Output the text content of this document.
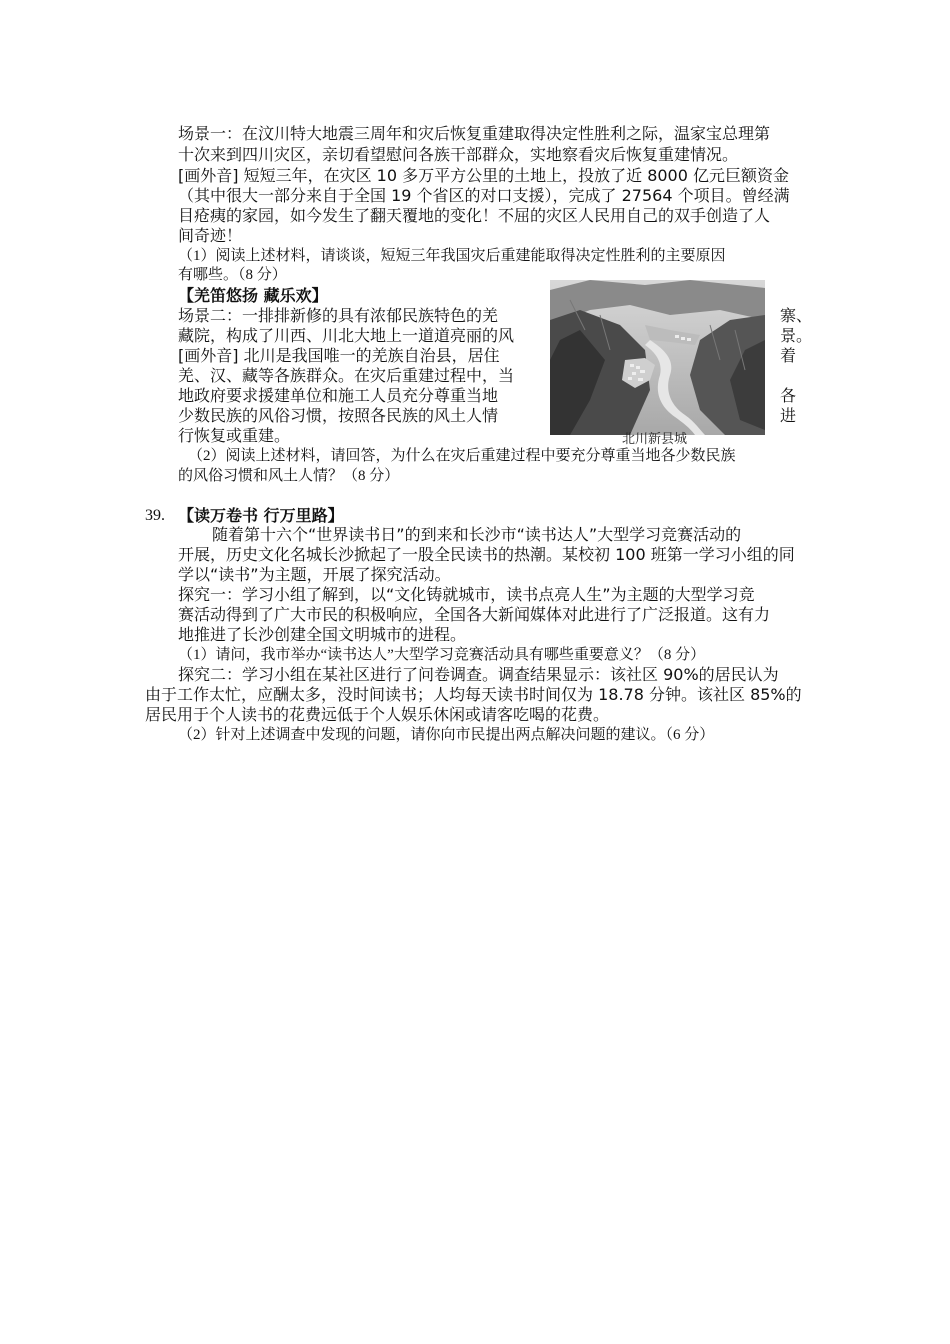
场景一：在汶川特大地震三周年和灾后恢复重建取得决定性胜利之际，温家宝总理第
十次来到四川灾区，亲切看望慰问各族干部群众，实地察看灾后恢复重建情况。
[画外音] 短短三年，在灾区 10 多万平方公里的土地上，投放了近 8000 亿元巨额资金
（其中很大一部分来自于全国 19 个省区的对口支援），完成了 27564 个项目。曾经满
目疮痍的家园，如今发生了翻天覆地的变化！不屈的灾区人民用自己的双手创造了人
间奇迹！
（1）阅读上述材料，请谈谈，短短三年我国灾后重建能取得决定性胜利的主要原因
有哪些。（8 分）
【羌笛悠扬 藏乐欢】
场景二：一排排新修的具有浓郁民族特色的羌
藏院，构成了川西、川北大地上一道道亮丽的风
[画外音] 北川是我国唯一的羌族自治县，居住
羌、汉、藏等各族群众。在灾后重建过程中，当
地政府要求援建单位和施工人员充分尊重当地
少数民族的风俗习惯，按照各民族的风土人情
行恢复或重建。
寨、
景。
着
各
进
北川新县城
（2）阅读上述材料，请回答，为什么在灾后重建过程中要充分尊重当地各少数民族
的风俗习惯和风土人情？（8 分）
39. 【读万卷书 行万里路】
随着第十六个“世界读书日”的到来和长沙市“读书达人”大型学习竞赛活动的
开展，历史文化名城长沙掀起了一股全民读书的热潮。某校初 100 班第一学习小组的同
学以“读书”为主题，开展了探究活动。
探究一：学习小组了解到，以“文化铸就城市，读书点亮人生”为主题的大型学习竞
赛活动得到了广大市民的积极响应，全国各大新闻媒体对此进行了广泛报道。这有力
地推进了长沙创建全国文明城市的进程。
（1）请问，我市举办“读书达人”大型学习竞赛活动具有哪些重要意义？（8 分）
探究二：学习小组在某社区进行了问卷调查。调查结果显示：该社区 90%的居民认为
由于工作太忙，应酬太多，没时间读书；人均每天读书时间仅为 18.78 分钟。该社区 85%的
居民用于个人读书的花费远低于个人娱乐休闲或请客吃喝的花费。
（2）针对上述调查中发现的问题，请你向市民提出两点解决问题的建议。（6 分）
